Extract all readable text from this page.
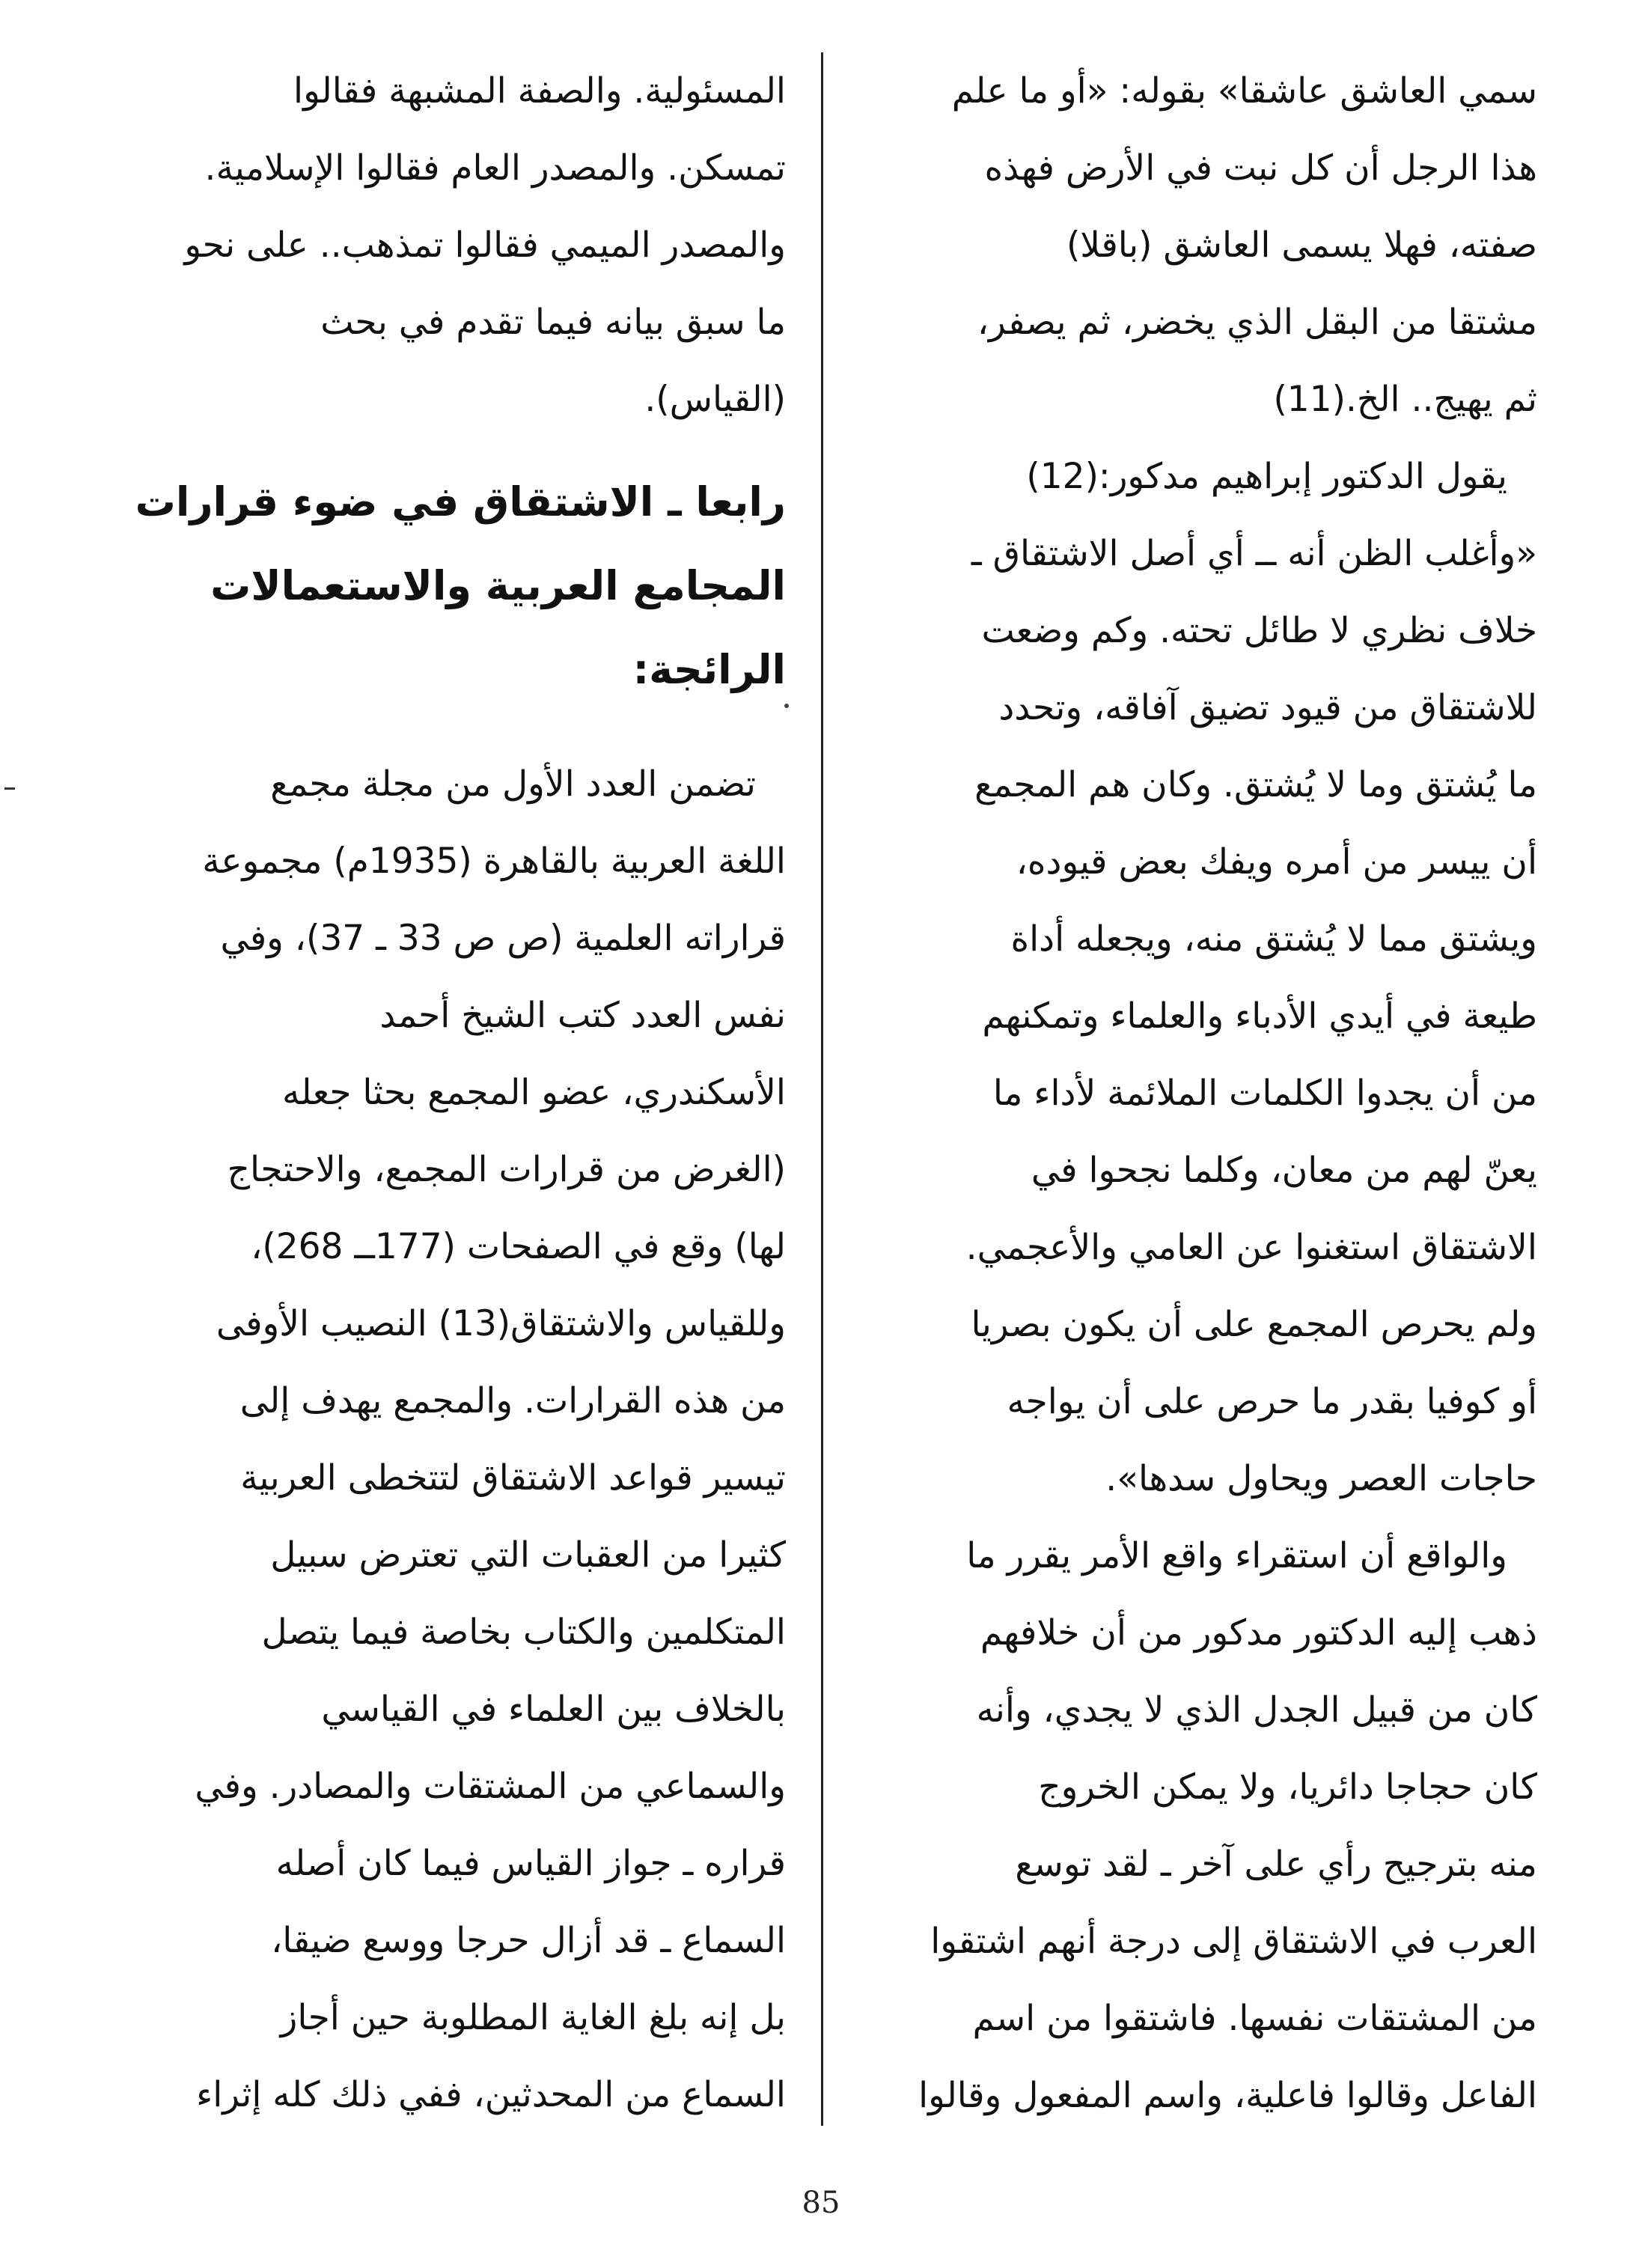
سمي العاشق عاشقا» بقوله: «أو ما علم
هذا الرجل أن كل نبت في الأرض فهذه
صفته، فهلا يسمى العاشق (باقلا)
مشتقا من البقل الذي يخضر، ثم يصفر،
ثم يهيج.. الخ.(11)
يقول الدكتور إبراهيم مدكور:(12)
«وأغلب الظن أنه ــ أي أصل الاشتقاق ـ
خلاف نظري لا طائل تحته. وكم وضعت
للاشتقاق من قيود تضيق آفاقه، وتحدد
ما يُشتق وما لا يُشتق. وكان هم المجمع
أن ييسر من أمره ويفك بعض قيوده،
ويشتق مما لا يُشتق منه، ويجعله أداة
طيعة في أيدي الأدباء والعلماء وتمكنهم
من أن يجدوا الكلمات الملائمة لأداء ما
يعنّ لهم من معان، وكلما نجحوا في
الاشتقاق استغنوا عن العامي والأعجمي.
ولم يحرص المجمع على أن يكون بصريا
أو كوفيا بقدر ما حرص على أن يواجه
حاجات العصر ويحاول سدها».
والواقع أن استقراء واقع الأمر يقرر ما
ذهب إليه الدكتور مدكور من أن خلافهم
كان من قبيل الجدل الذي لا يجدي، وأنه
كان حجاجا دائريا، ولا يمكن الخروج
منه بترجيح رأي على آخر ـ لقد توسع
العرب في الاشتقاق إلى درجة أنهم اشتقوا
من المشتقات نفسها. فاشتقوا من اسم
الفاعل وقالوا فاعلية، واسم المفعول وقالوا
المسئولية. والصفة المشبهة فقالوا
تمسكن. والمصدر العام فقالوا الإسلامية.
والمصدر الميمي فقالوا تمذهب.. على نحو
ما سبق بيانه فيما تقدم في بحث
(القياس).
رابعا ـ الاشتقاق في ضوء قرارات
المجامع العربية والاستعمالات
الرائجة:
تضمن العدد الأول من مجلة مجمع
اللغة العربية بالقاهرة (1935م) مجموعة
قراراته العلمية (ص ص 33 ـ 37)، وفي
نفس العدد كتب الشيخ أحمد
الأسكندري، عضو المجمع بحثا جعله
(الغرض من قرارات المجمع، والاحتجاج
لها) وقع في الصفحات (177ــ 268)،
وللقياس والاشتقاق(13) النصيب الأوفى
من هذه القرارات. والمجمع يهدف إلى
تيسير قواعد الاشتقاق لتتخطى العربية
كثيرا من العقبات التي تعترض سبيل
المتكلمين والكتاب بخاصة فيما يتصل
بالخلاف بين العلماء في القياسي
والسماعي من المشتقات والمصادر. وفي
قراره ـ جواز القياس فيما كان أصله
السماع ـ قد أزال حرجا ووسع ضيقا،
بل إنه بلغ الغاية المطلوبة حين أجاز
السماع من المحدثين، ففي ذلك كله إثراء
85
